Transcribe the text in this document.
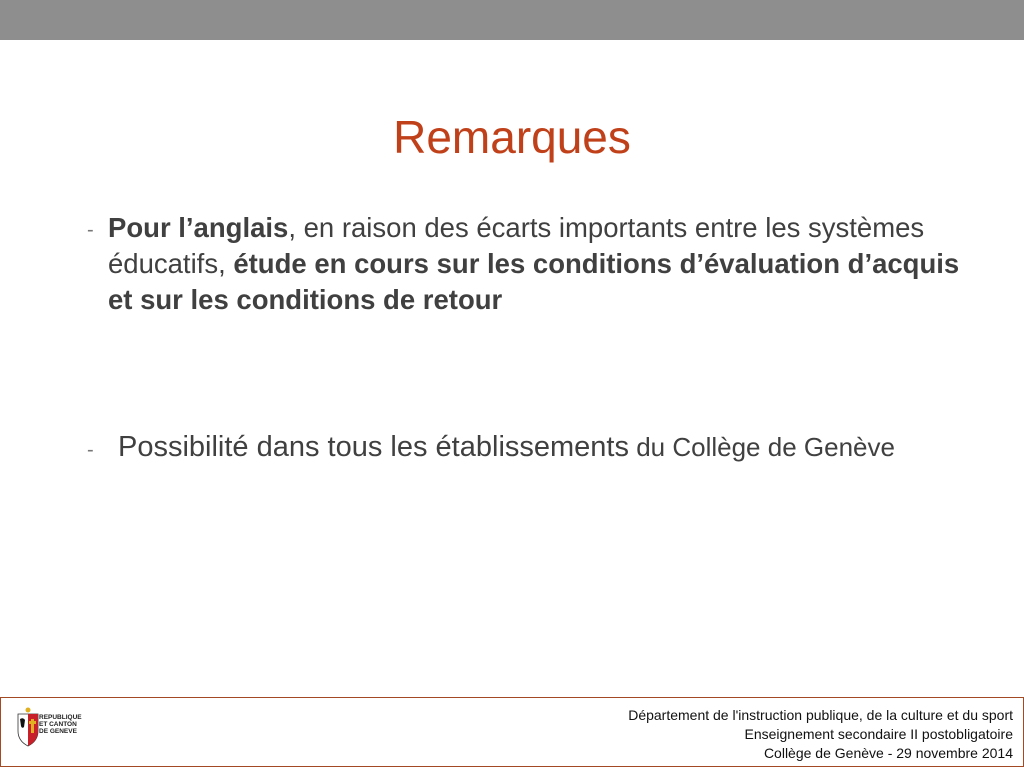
Remarques
- Pour l’anglais, en raison des écarts importants entre les systèmes éducatifs, étude en cours sur les conditions d’évaluation d’acquis et sur les conditions de retour
- Possibilité dans tous les établissements du Collège de Genève
REPUBLIQUE
ET CANTON
DE GENEVE
Département de l'instruction publique, de la culture et du sport
Enseignement secondaire II postobligatoire
Collège de Genève - 29 novembre 2014
